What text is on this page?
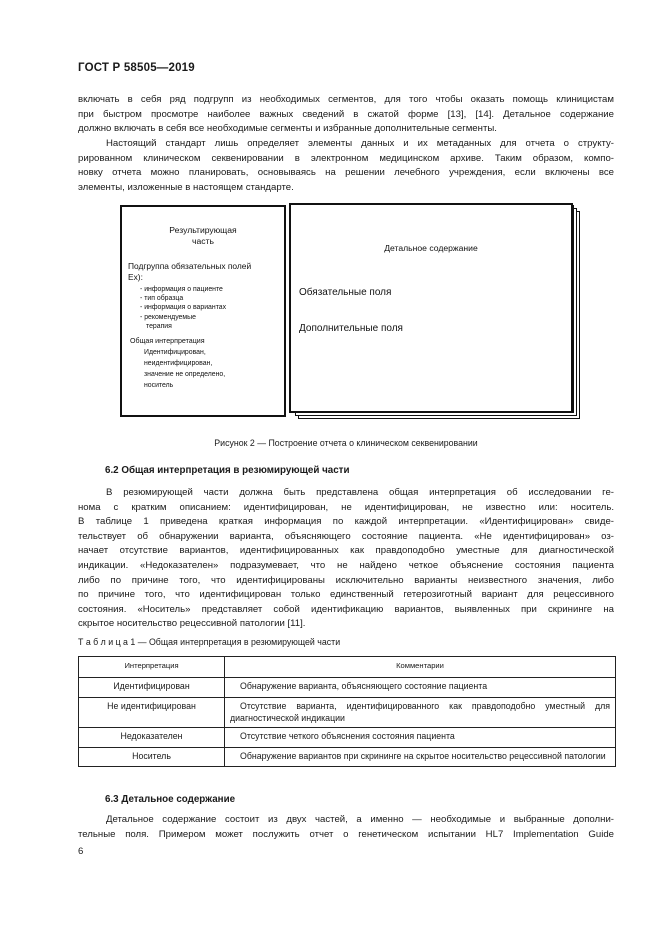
ГОСТ Р 58505—2019
включать в себя ряд подгрупп из необходимых сегментов, для того чтобы оказать помощь клиницистам
при быстром просмотре наиболее важных сведений в сжатой форме [13], [14]. Детальное содержание
должно включать в себя все необходимые сегменты и избранные дополнительные сегменты.
Настоящий стандарт лишь определяет элементы данных и их метаданных для отчета о структу-
рированном клиническом секвенировании в электронном медицинском архиве. Таким образом, компо-
новку отчета можно планировать, основываясь на решении лечебного учреждения, если включены все
элементы, изложенные в настоящем стандарте.
Результирующая
часть
Подгруппа обязательных полей
Ex):
- информация о пациенте
- тип образца
- информация о вариантах
- рекомендуемые
терапия
Общая интерпретация
Идентифицирован,
неидентифицирован,
значение не определено,
носитель
Детальное содержание
Обязательные поля
Дополнительные поля
Рисунок 2 — Построение отчета о клиническом секвенировании
6.2 Общая интерпретация в резюмирующей части
В резюмирующей части должна быть представлена общая интерпретация об исследовании ге-
нома с кратким описанием: идентифицирован, не идентифицирован, не известно или: носитель.
В таблице 1 приведена краткая информация по каждой интерпретации. «Идентифицирован» свиде-
тельствует об обнаружении варианта, объясняющего состояние пациента. «Не идентифицирован» оз-
начает отсутствие вариантов, идентифицированных как правдоподобно уместные для диагностической
индикации. «Недоказателен» подразумевает, что не найдено четкое объяснение состояния пациента
либо по причине того, что идентифицированы исключительно варианты неизвестного значения, либо
по причине того, что идентифицирован только единственный гетерозиготный вариант для рецессивного
состояния. «Носитель» представляет собой идентификацию вариантов, выявленных при скрининге на
скрытое носительство рецессивной патологии [11].
Т а б л и ц а 1 — Общая интерпретация в резюмирующей части
Интерпретация	Комментарии
Идентифицирован	Обнаружение варианта, объясняющего состояние пациента
Не идентифицирован	Отсутствие варианта, идентифицированного как правдоподобно уместный для диагностической индикации
Недоказателен	Отсутствие четкого объяснения состояния пациента
Носитель	Обнаружение вариантов при скрининге на скрытое носительство рецессивной патологии
6.3 Детальное содержание
Детальное содержание состоит из двух частей, а именно — необходимые и выбранные дополни-
тельные поля. Примером может послужить отчет о генетическом испытании HL7 Implementation Guide
6
